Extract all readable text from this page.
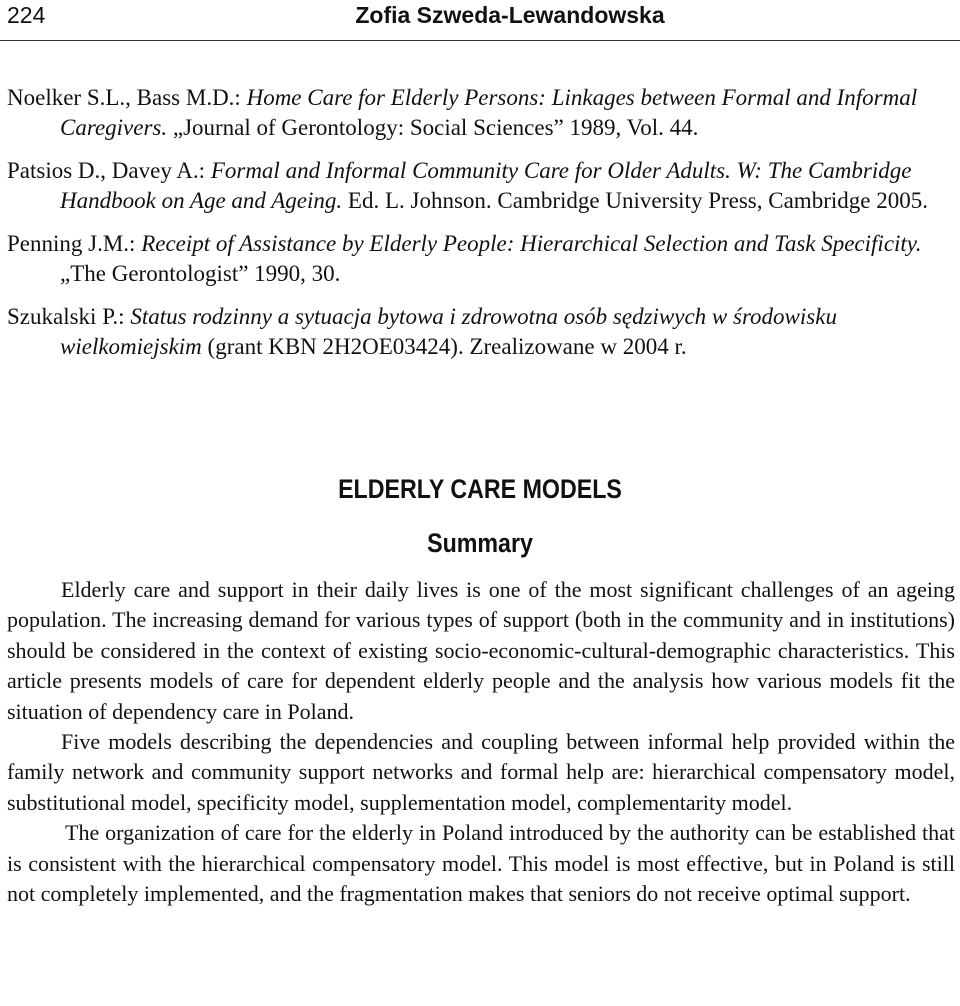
224	Zofia Szweda-Lewandowska

Noelker S.L., Bass M.D.: Home Care for Elderly Persons: Linkages between Formal and Informal Caregivers. „Journal of Gerontology: Social Sciences” 1989, Vol. 44.

Patsios D., Davey A.: Formal and Informal Community Care for Older Adults. W: The Cambridge Handbook on Age and Ageing. Ed. L. Johnson. Cambridge University Press, Cambridge 2005.

Penning J.M.: Receipt of Assistance by Elderly People: Hierarchical Selection and Task Specificity. „The Gerontologist” 1990, 30.

Szukalski P.: Status rodzinny a sytuacja bytowa i zdrowotna osób sędziwych w środowisku wielkomiejskim (grant KBN 2H2OE03424). Zrealizowane w 2004 r.

ELDERLY CARE MODELS
Summary

Elderly care and support in their daily lives is one of the most significant challenges of an ageing population. The increasing demand for various types of support (both in the community and in institutions) should be considered in the context of existing socio-economic-cultural-demographic characteristics. This article presents models of care for dependent elderly people and the analysis how various models fit the situation of dependency care in Poland.

Five models describing the dependencies and coupling between informal help provided within the family network and community support networks and formal help are: hierarchical compensatory model, substitutional model, specificity model, supplementation model, complementarity model.

The organization of care for the elderly in Poland introduced by the authority can be established that is consistent with the hierarchical compensatory model. This model is most effective, but in Poland is still not completely implemented, and the fragmentation makes that seniors do not receive optimal support.
